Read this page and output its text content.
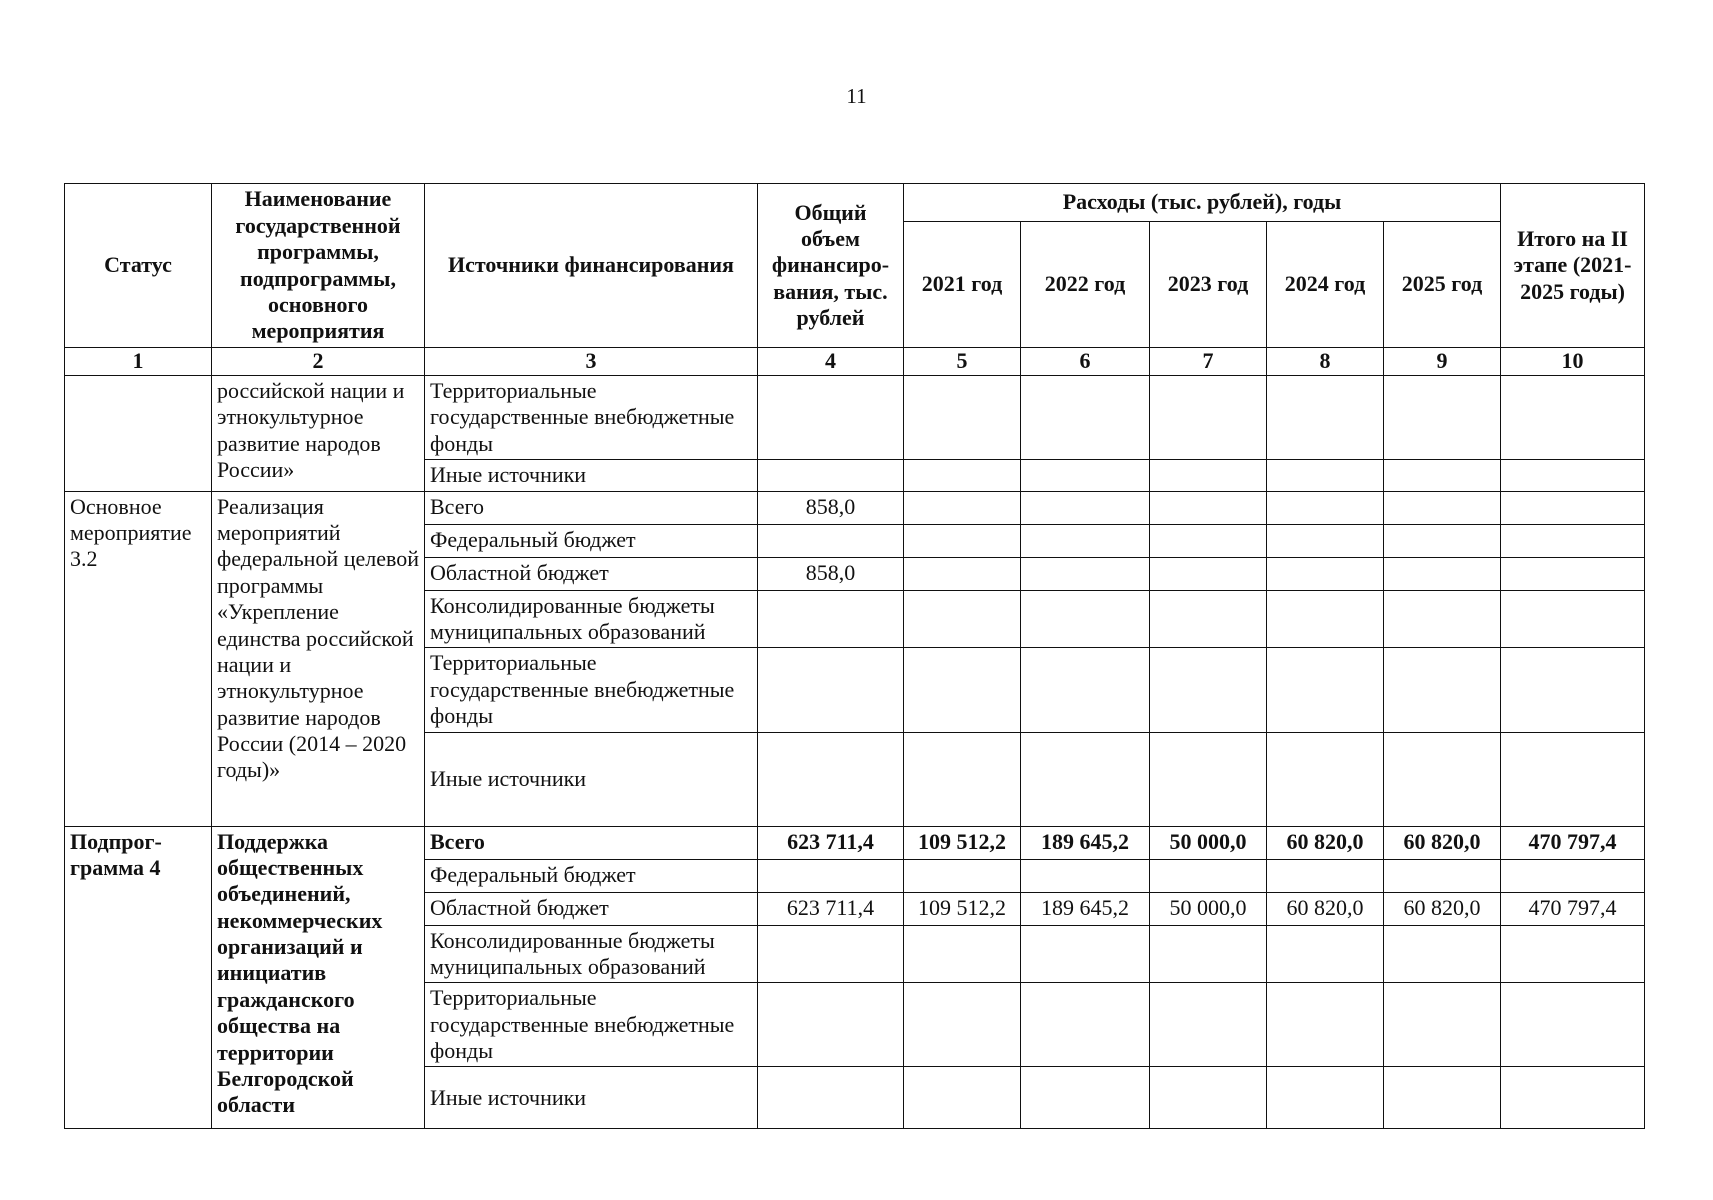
11
Статус	Наименование государственной программы, подпрограммы, основного мероприятия	Источники финансирования	Общий объем финансиро-вания, тыс. рублей	Расходы (тыс. рублей), годы					Итого на II этапе (2021-2025 годы)
				2021 год	2022 год	2023 год	2024 год	2025 год	
1	2	3	4	5	6	7	8	9	10
	российской нации и этнокультурное развитие народов России»	Территориальные государственные внебюджетные фонды							
		Иные источники							
Основное мероприятие 3.2	Реализация мероприятий федеральной целевой программы «Укрепление единства российской нации и этнокультурное развитие народов России (2014 – 2020 годы)»	Всего	858,0						
		Федеральный бюджет							
		Областной бюджет	858,0						
		Консолидированные бюджеты муниципальных образований							
		Территориальные государственные внебюджетные фонды							
		Иные источники							
Подпрог-грамма 4	Поддержка общественных объединений, некоммерческих организаций и инициатив гражданского общества на территории Белгородской области	Всего	623 711,4	109 512,2	189 645,2	50 000,0	60 820,0	60 820,0	470 797,4
		Федеральный бюджет							
		Областной бюджет	623 711,4	109 512,2	189 645,2	50 000,0	60 820,0	60 820,0	470 797,4
		Консолидированные бюджеты муниципальных образований							
		Территориальные государственные внебюджетные фонды							
		Иные источники							
